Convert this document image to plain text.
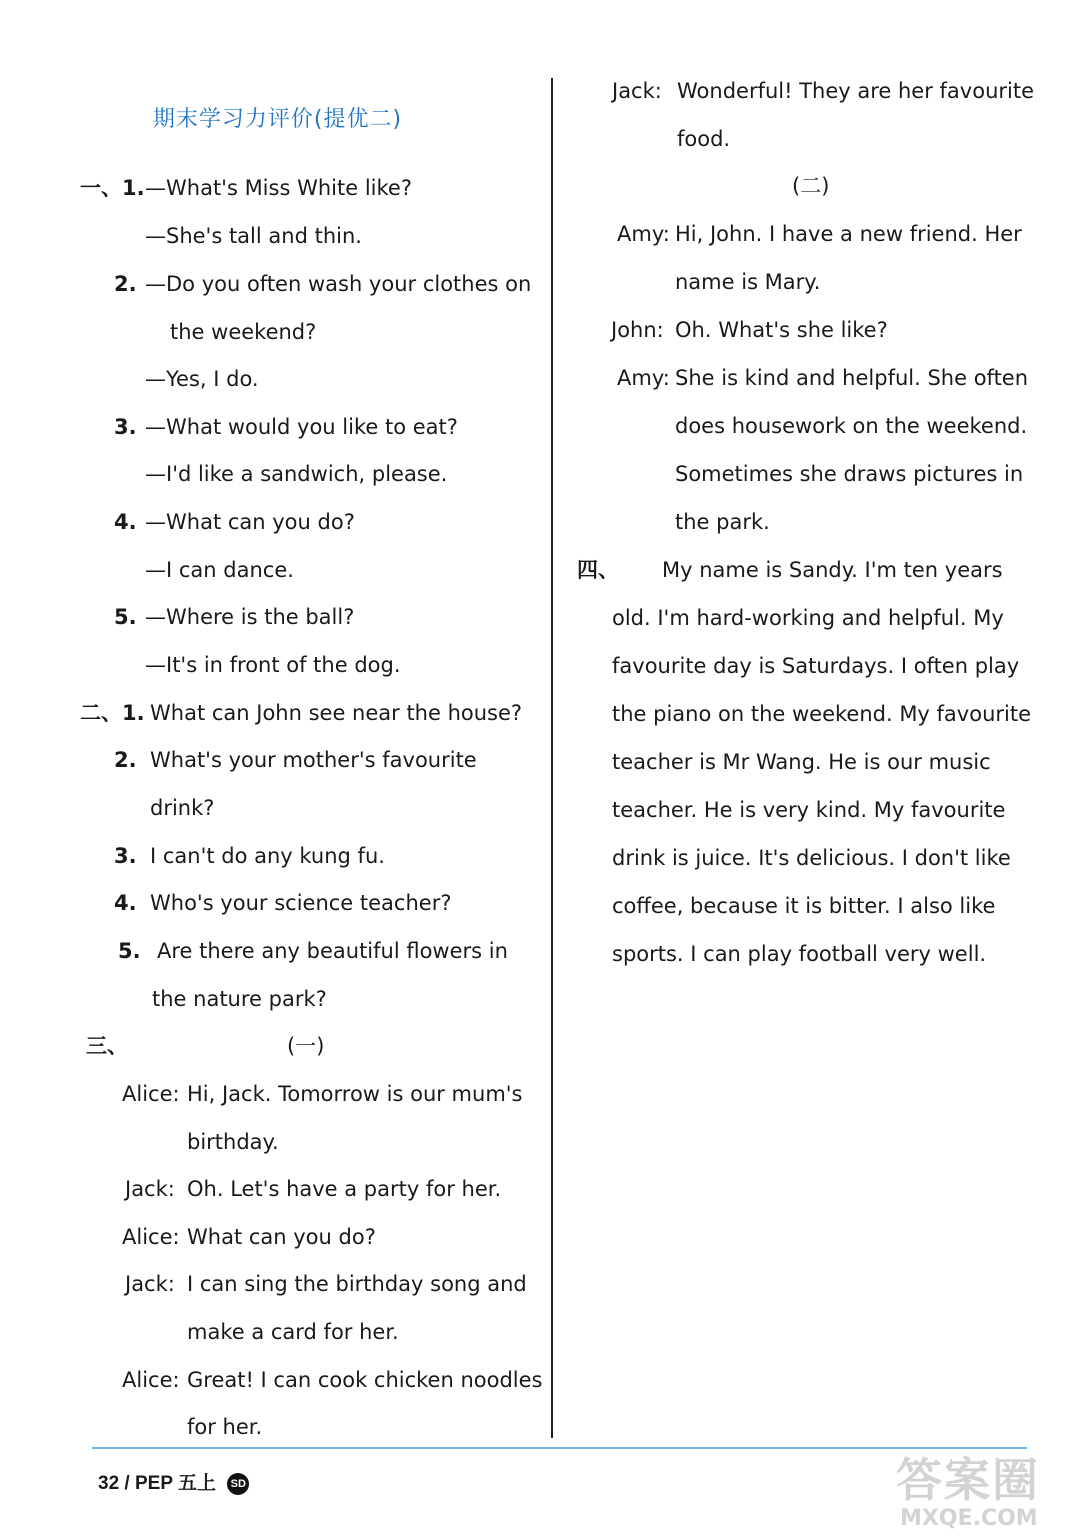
期末学习力评价(提优二)
一、1. —What's Miss White like?
—She's tall and thin.
2. —Do you often wash your clothes on
the weekend?
—Yes, I do.
3. —What would you like to eat?
—I'd like a sandwich, please.
4. —What can you do?
—I can dance.
5. —Where is the ball?
—It's in front of the dog.
二、1. What can John see near the house?
2. What's your mother's favourite
drink?
3. I can't do any kung fu.
4. Who's your science teacher?
5. Are there any beautiful flowers in
the nature park?
三、	(一)
Alice: Hi, Jack. Tomorrow is our mum's
birthday.
Jack: Oh. Let's have a party for her.
Alice: What can you do?
Jack: I can sing the birthday song and
make a card for her.
Alice: Great! I can cook chicken noodles
for her.
Jack: Wonderful! They are her favourite
food.
(二)
Amy: Hi, John. I have a new friend. Her
name is Mary.
John: Oh. What's she like?
Amy: She is kind and helpful. She often
does housework on the weekend.
Sometimes she draws pictures in
the park.
四、 My name is Sandy. I'm ten years
old. I'm hard-working and helpful. My
favourite day is Saturdays. I often play
the piano on the weekend. My favourite
teacher is Mr Wang. He is our music
teacher. He is very kind. My favourite
drink is juice. It's delicious. I don't like
coffee, because it is bitter. I also like
sports. I can play football very well.
32 / PEP 五上 SD	答案圈
MXQE.COM
